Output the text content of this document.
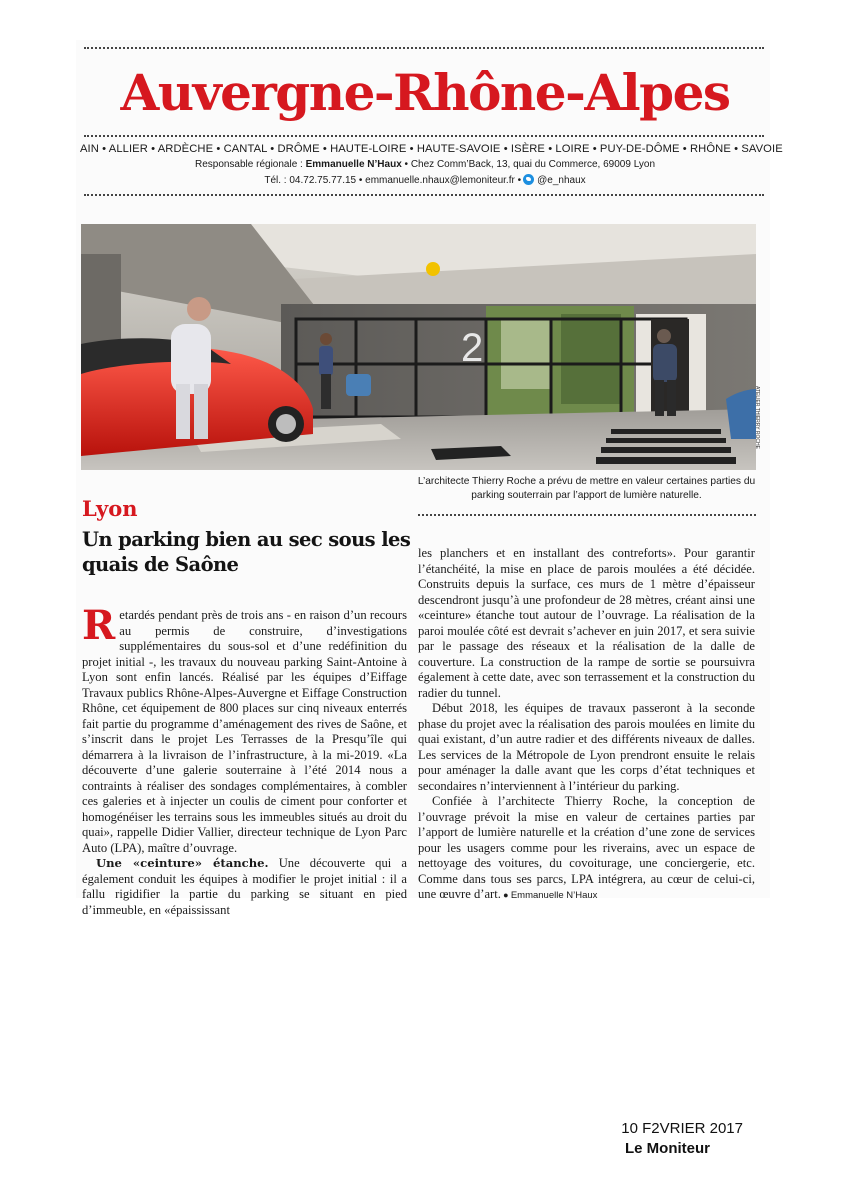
Auvergne-Rhône-Alpes
AIN • ALLIER • ARDÈCHE • CANTAL • DRÔME • HAUTE-LOIRE • HAUTE-SAVOIE • ISÈRE • LOIRE • PUY-DE-DÔME • RHÔNE • SAVOIE
Responsable régionale : Emmanuelle N’Haux • Chez Comm’Back, 13, quai du Commerce, 69009 Lyon
Tél. : 04.72.75.77.15 • emmanuelle.nhaux@lemoniteur.fr • @e_nhaux
2
ATELIER THIERRY ROCHE
L’architecte Thierry Roche a prévu de mettre en valeur certaines parties du parking souterrain par l’apport de lumière naturelle.
Lyon
Un parking bien au sec sous les quais de Saône

Retardés pendant près de trois ans - en raison d’un recours au permis de construire, d’investigations supplémentaires du sous-sol et d’une redéfinition du projet initial -, les travaux du nouveau parking Saint-Antoine à Lyon sont enfin lancés. Réalisé par les équipes d’Eiffage Travaux publics Rhône-Alpes-Auvergne et Eiffage Construction Rhône, cet équipement de 800 places sur cinq niveaux enterrés fait partie du programme d’aménagement des rives de Saône, et s’inscrit dans le projet Les Terrasses de la Presqu’île qui démarrera à la livraison de l’infrastructure, à la mi-2019. «La découverte d’une galerie souterraine à l’été 2014 nous a contraints à réaliser des sondages complémentaires, à combler ces galeries et à injecter un coulis de ciment pour conforter et homogénéiser les terrains sous les immeubles situés au droit du quai», rappelle Didier Vallier, directeur technique de Lyon Parc Auto (LPA), maître d’ouvrage.

Une «ceinture» étanche. Une découverte qui a également conduit les équipes à modifier le projet initial : il a fallu rigidifier la partie du parking se situant en pied d’immeuble, en «épaississant

les planchers et en installant des contreforts». Pour garantir l’étanchéité, la mise en place de parois moulées a été décidée. Construits depuis la surface, ces murs de 1 mètre d’épaisseur descendront jusqu’à une profondeur de 28 mètres, créant ainsi une «ceinture» étanche tout autour de l’ouvrage. La réalisation de la paroi moulée côté est devrait s’achever en juin 2017, et sera suivie par le passage des réseaux et la réalisation de la dalle de couverture. La construction de la rampe de sortie se poursuivra également à cette date, avec son terrassement et la construction du radier du tunnel.

Début 2018, les équipes de travaux passeront à la seconde phase du projet avec la réalisation des parois moulées en limite du quai existant, d’un autre radier et des différents niveaux de dalles. Les services de la Métropole de Lyon prendront ensuite le relais pour aménager la dalle avant que les corps d’état techniques et secondaires n’interviennent à l’intérieur du parking.

Confiée à l’architecte Thierry Roche, la conception de l’ouvrage prévoit la mise en valeur de certaines parties par l’apport de lumière naturelle et la création d’une zone de services pour les usagers comme pour les riverains, avec un espace de nettoyage des voitures, du covoiturage, une conciergerie, etc. Comme dans tous ses parcs, LPA intégrera, au cœur de celui-ci, une œuvre d’art. ● Emmanuelle N’Haux

10 F2VRIER 2017
Le Moniteur
